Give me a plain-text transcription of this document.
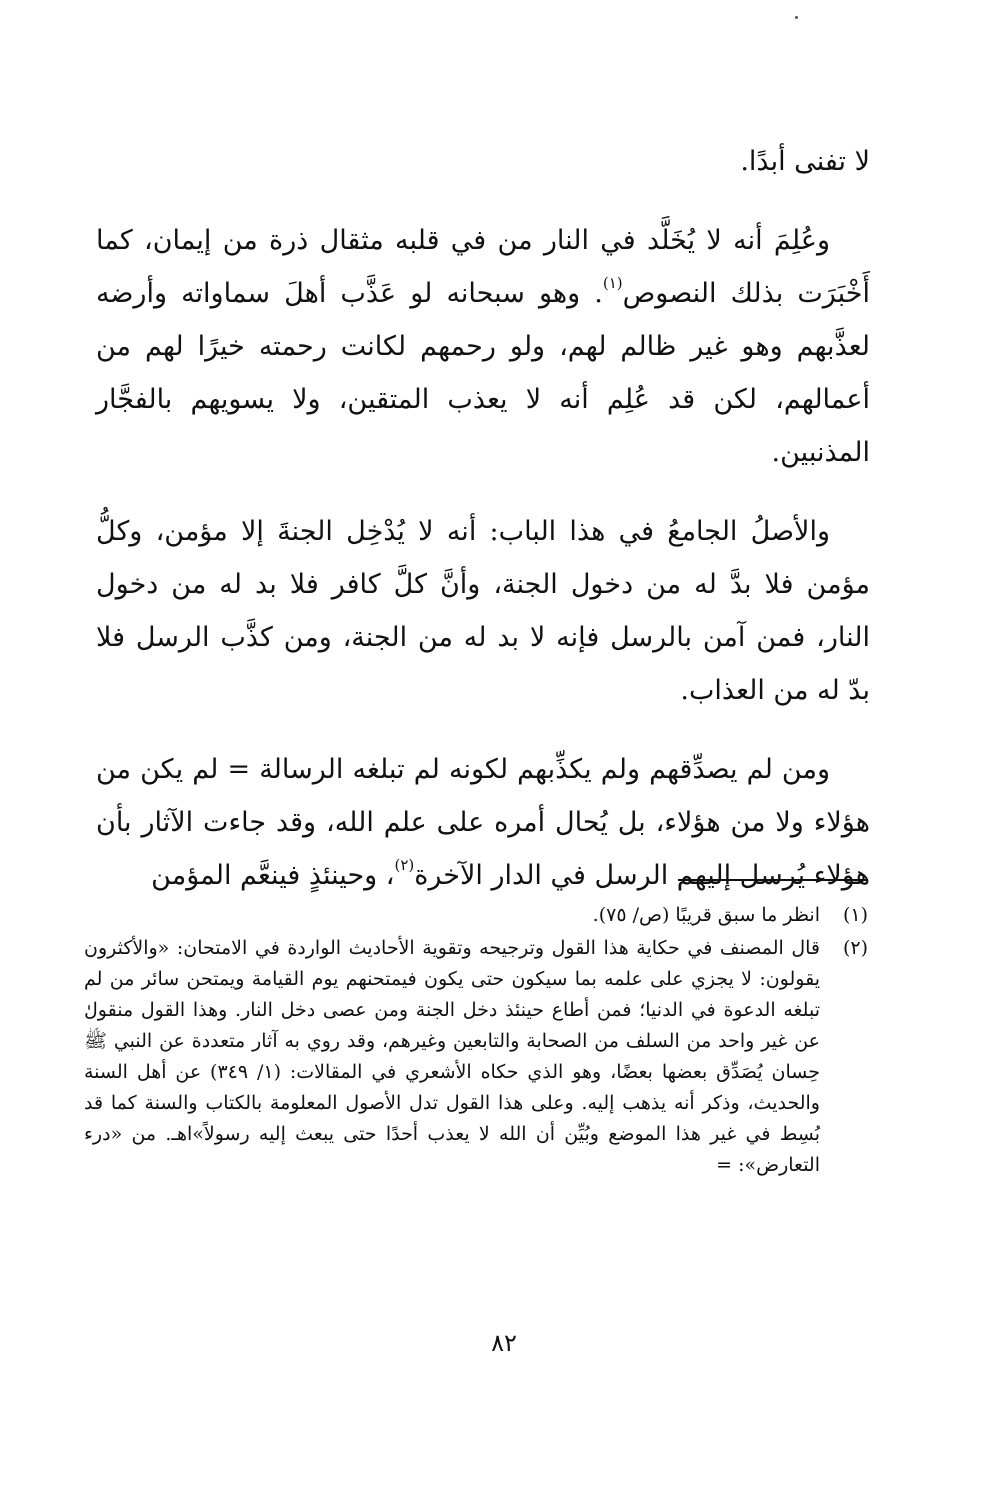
لا تفنى أبدًا.

وعُلِمَ أنه لا يُخَلَّد في النار من في قلبه مثقال ذرة من إيمان، كما أَخْبَرَت بذلك النصوص$^{(١)}$. وهو سبحانه لو عَذَّب أهلَ سماواته وأرضه لعذَّبهم وهو غير ظالم لهم، ولو رحمهم لكانت رحمته خيرًا لهم من أعمالهم، لكن قد عُلِم أنه لا يعذب المتقين، ولا يسويهم بالفجَّار المذنبين.

والأصلُ الجامعُ في هذا الباب: أنه لا يُدْخِل الجنةَ إلا مؤمن، وكلُّ مؤمن فلا بدَّ له من دخول الجنة، وأنَّ كلَّ كافر فلا بد له من دخول النار، فمن آمن بالرسل فإنه لا بد له من الجنة، ومن كذَّب الرسل فلا بدّ له من العذاب.

ومن لم يصدِّقهم ولم يكذِّبهم لكونه لم تبلغه الرسالة = لم يكن من هؤلاء ولا من هؤلاء، بل يُحال أمره على علم الله، وقد جاءت الآثار بأن هؤلاء يُرسل إليهم الرسل في الدار الآخرة$^{(٢)}$، وحينئذٍ فينعَّم المؤمن

(١)

انظر ما سبق قريبًا (ص/ ٧٥).

(٢)

قال المصنف في حكاية هذا القول وترجيحه وتقوية الأحاديث الواردة في الامتحان: «والأكثرون يقولون: لا يجزي على علمه بما سيكون حتى يكون فيمتحنهم يوم القيامة ويمتحن سائر من لم تبلغه الدعوة في الدنيا؛ فمن أطاع حينئذ دخل الجنة ومن عصى دخل النار. وهذا القول منقول عن غير واحد من السلف من الصحابة والتابعين وغيرهم، وقد روي به آثار متعددة عن النبي ﷺ حِسان يُصَدِّق بعضها بعضًا، وهو الذي حكاه الأشعري في المقالات: (١/ ٣٤٩) عن أهل السنة والحديث، وذكر أنه يذهب إليه. وعلى هذا القول تدل الأصول المعلومة بالكتاب والسنة كما قد بُسِط في غير هذا الموضع وبُيِّن أن الله لا يعذب أحدًا حتى يبعث إليه رسولاً»اهـ. من «درء التعارض»: =

٨٢
